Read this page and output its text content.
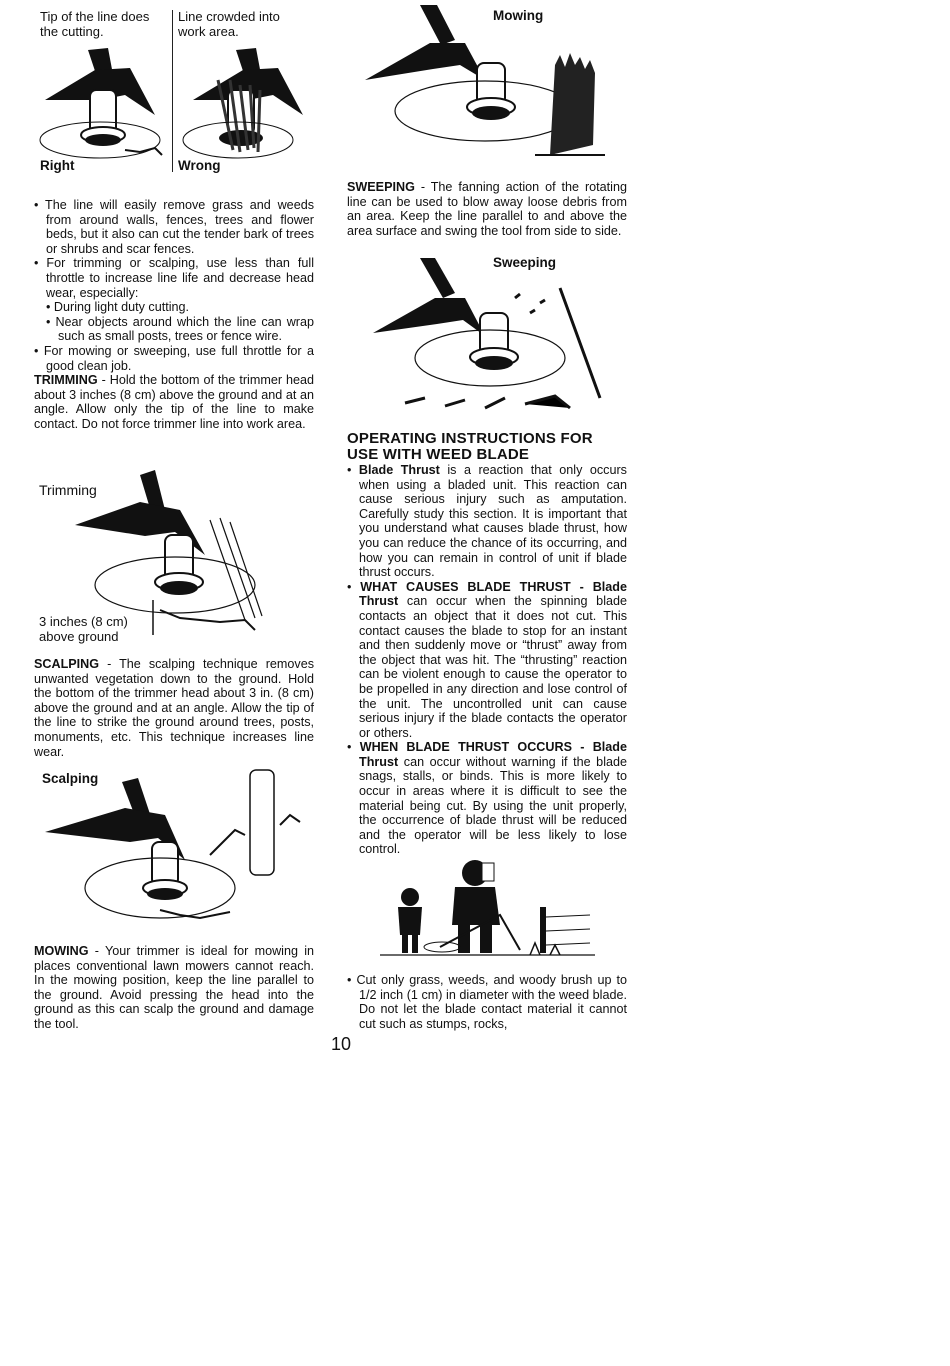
Tip of the line does the cutting.
Line crowded into work area.
Right	Wrong
• The line will easily remove grass and weeds from around walls, fences, trees and flower beds, but it also can cut the tender bark of trees or shrubs and scar fences.
• For trimming or scalping, use less than full throttle to increase line life and decrease head wear, especially:
• During light duty cutting.
• Near objects around which the line can wrap such as small posts, trees or fence wire.
• For mowing or sweeping, use full throttle for a good clean job.
TRIMMING - Hold the bottom of the trimmer head about 3 inches (8 cm) above the ground and at an angle. Allow only the tip of the line to make contact. Do not force trimmer line into work area.
Trimming
3 inches (8 cm)
above ground
SCALPING - The scalping technique removes unwanted vegetation down to the ground. Hold the bottom of the trimmer head about 3 in. (8 cm) above the ground and at an angle. Allow the tip of the line to strike the ground around trees, posts, monuments, etc. This technique increases line wear.
Scalping
MOWING - Your trimmer is ideal for mowing in places conventional lawn mowers cannot reach. In the mowing position, keep the line parallel to the ground. Avoid pressing the head into the ground as this can scalp the ground and damage the tool.
Mowing
SWEEPING - The fanning action of the rotating line can be used to blow away loose debris from an area. Keep the line parallel to and above the area surface and swing the tool from side to side.
Sweeping
OPERATING INSTRUCTIONS FOR
USE WITH WEED BLADE
• Blade Thrust is a reaction that only occurs when using a bladed unit. This reaction can cause serious injury such as amputation. Carefully study this section. It is important that you understand what causes blade thrust, how you can reduce the chance of its occurring, and how you can remain in control of unit if blade thrust occurs.
• WHAT CAUSES BLADE THRUST - Blade Thrust can occur when the spinning blade contacts an object that it does not cut. This contact causes the blade to stop for an instant and then suddenly move or “thrust” away from the object that was hit. The “thrusting” reaction can be violent enough to cause the operator to be propelled in any direction and lose control of the unit. The uncontrolled unit can cause serious injury if the blade contacts the operator or others.
• WHEN BLADE THRUST OCCURS - Blade Thrust can occur without warning if the blade snags, stalls, or binds. This is more likely to occur in areas where it is difficult to see the material being cut. By using the unit properly, the occurrence of blade thrust will be reduced and the operator will be less likely to lose control.
• Cut only grass, weeds, and woody brush up to 1/2 inch (1 cm) in diameter with the weed blade. Do not let the blade contact material it cannot cut such as stumps, rocks,
10
